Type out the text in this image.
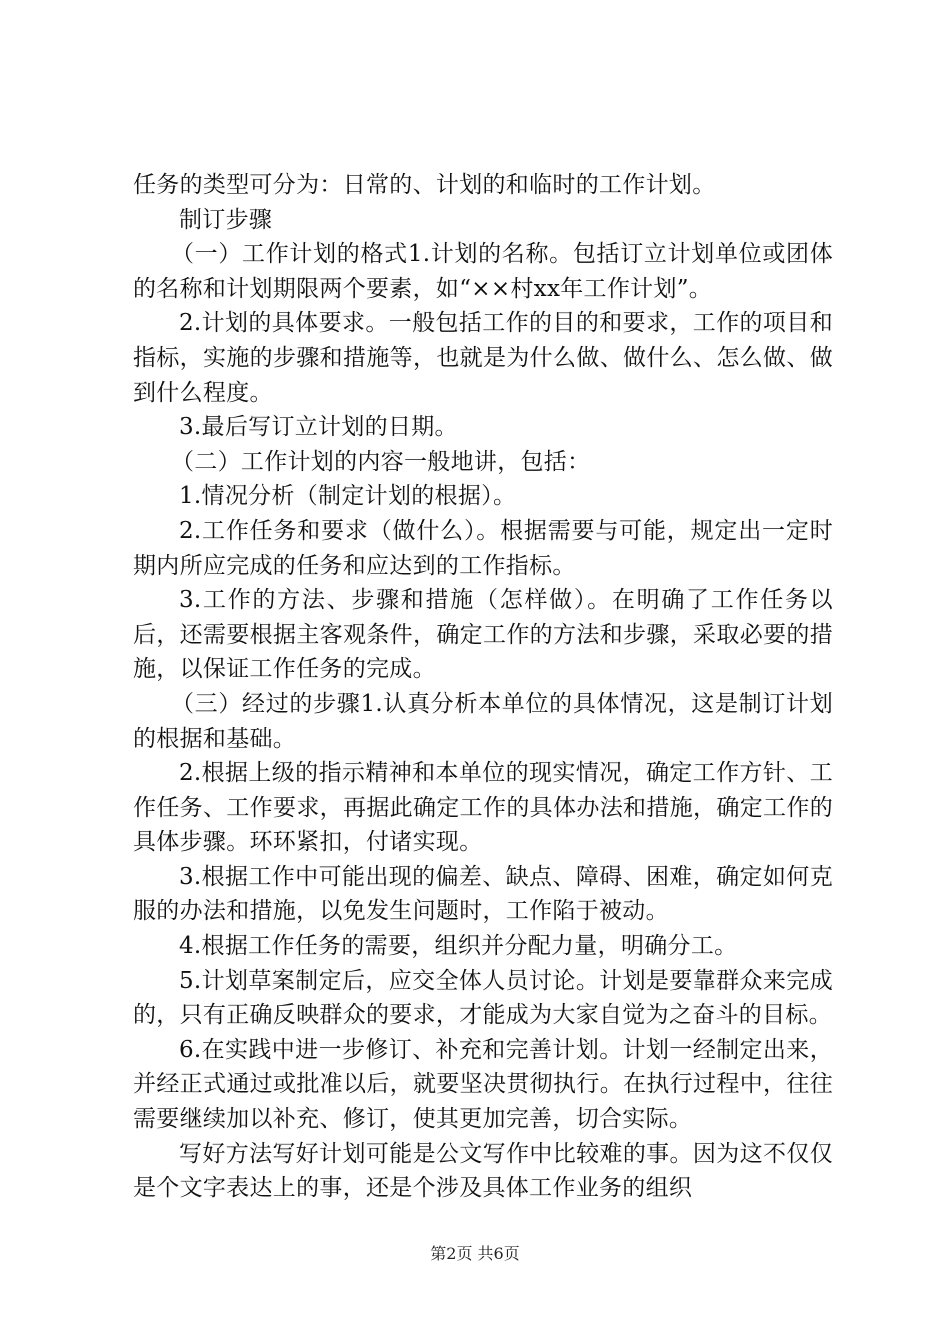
任务的类型可分为：日常的、计划的和临时的工作计划。

制订步骤

（一）工作计划的格式1.计划的名称。包括订立计划单位或团体的名称和计划期限两个要素，如“××村xx年工作计划”。

2.计划的具体要求。一般包括工作的目的和要求，工作的项目和指标，实施的步骤和措施等，也就是为什么做、做什么、怎么做、做到什么程度。

3.最后写订立计划的日期。

（二）工作计划的内容一般地讲，包括：

1.情况分析（制定计划的根据）。

2.工作任务和要求（做什么）。根据需要与可能，规定出一定时期内所应完成的任务和应达到的工作指标。

3.工作的方法、步骤和措施（怎样做）。在明确了工作任务以后，还需要根据主客观条件，确定工作的方法和步骤，采取必要的措施，以保证工作任务的完成。

（三）经过的步骤1.认真分析本单位的具体情况，这是制订计划的根据和基础。

2.根据上级的指示精神和本单位的现实情况，确定工作方针、工作任务、工作要求，再据此确定工作的具体办法和措施，确定工作的具体步骤。环环紧扣，付诸实现。

3.根据工作中可能出现的偏差、缺点、障碍、困难，确定如何克服的办法和措施，以免发生问题时，工作陷于被动。

4.根据工作任务的需要，组织并分配力量，明确分工。

5.计划草案制定后，应交全体人员讨论。计划是要靠群众来完成的，只有正确反映群众的要求，才能成为大家自觉为之奋斗的目标。

6.在实践中进一步修订、补充和完善计划。计划一经制定出来，并经正式通过或批准以后，就要坚决贯彻执行。在执行过程中，往往需要继续加以补充、修订，使其更加完善，切合实际。

写好方法写好计划可能是公文写作中比较难的事。因为这不仅仅是个文字表达上的事，还是个涉及具体工作业务的组织

第2页 共6页
